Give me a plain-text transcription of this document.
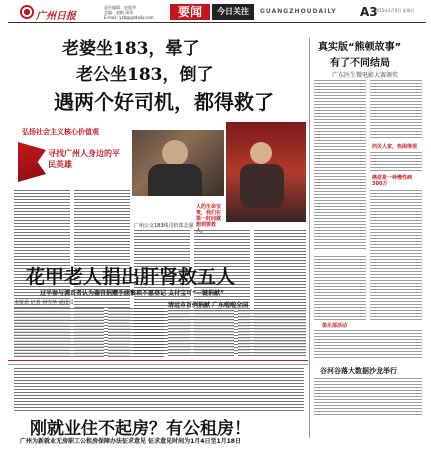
广州日报
责任编辑：赵俊华
美编：赵帆 周玮
E-mail: yzb@gzdaily.com	要闻	今日关注	GUANGZHOUDAILY A3
2015年1月4日 星期日
老婆坐183，晕了
老公坐183，倒了
遇两个好司机，都得救了
弘扬社会主义核心价值观
寻找广州人身边的平民英雄
广州公交183线司机郑志强
人的生命宝贵，我们在第一时间就想到要救人。
真实版“熊顿故事”
有了不同结局
广东医生微电影大赛颁奖
西关人家，热闹得很
癌症是一种慢性病 300万
俱乐部活动
花甲老人捐出肝肾救五人
过半参与调查者认为器官捐赠手续繁琐不愿登记 支付宝可“一键捐献”
清远市首例捐献 广东啦啦全国
本报讯 记者 何雪华 通讯员
谷河谷落大数据沙龙举行
刚就业住不起房？有公租房！
广州为新就业无房职工公租房保障办法征求意见 征求意见时间为1月4日至1月18日
